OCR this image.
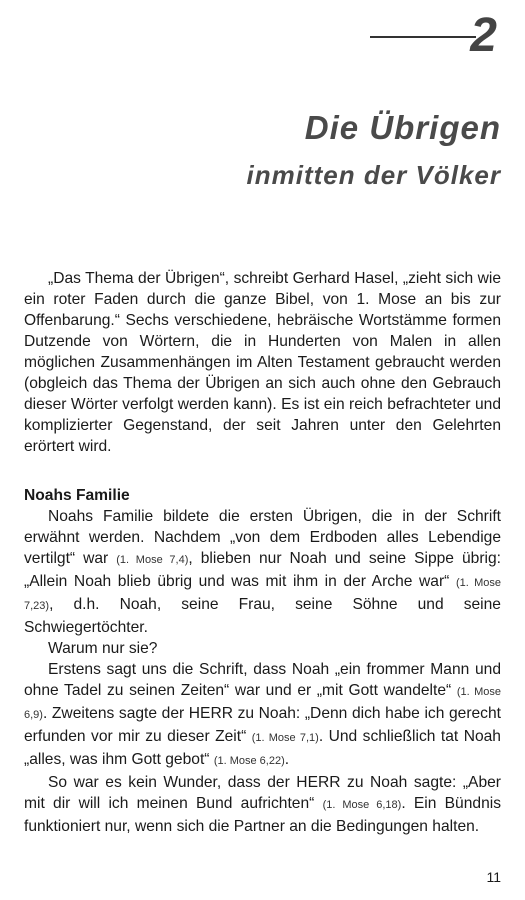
2
Die Übrigen
inmitten der Völker

„Das Thema der Übrigen“, schreibt Gerhard Hasel, „zieht sich wie ein roter Faden durch die ganze Bibel, von 1. Mose an bis zur Offenbarung.“ Sechs verschiedene, hebräische Wortstämme formen Dutzende von Wörtern, die in Hunderten von Malen in allen möglichen Zusammenhängen im Alten Testament gebraucht werden (obgleich das Thema der Übrigen an sich auch ohne den Gebrauch dieser Wörter verfolgt werden kann). Es ist ein reich befrachteter und komplizierter Gegenstand, der seit Jahren unter den Gelehrten erörtert wird.

Noahs Familie

Noahs Familie bildete die ersten Übrigen, die in der Schrift erwähnt werden. Nachdem „von dem Erdboden alles Lebendige vertilgt“ war (1. Mose 7,4), blieben nur Noah und seine Sippe übrig: „Allein Noah blieb übrig und was mit ihm in der Arche war“ (1. Mose 7,23), d.h. Noah, seine Frau, seine Söhne und seine Schwiegertöchter.

Warum nur sie?

Erstens sagt uns die Schrift, dass Noah „ein frommer Mann und ohne Tadel zu seinen Zeiten“ war und er „mit Gott wandelte“ (1. Mose 6,9). Zweitens sagte der HERR zu Noah: „Denn dich habe ich gerecht erfunden vor mir zu dieser Zeit“ (1. Mose 7,1). Und schließlich tat Noah „alles, was ihm Gott gebot“ (1. Mose 6,22).

So war es kein Wunder, dass der HERR zu Noah sagte: „Aber mit dir will ich meinen Bund aufrichten“ (1. Mose 6,18). Ein Bündnis funktioniert nur, wenn sich die Partner an die Bedingungen halten.

11
